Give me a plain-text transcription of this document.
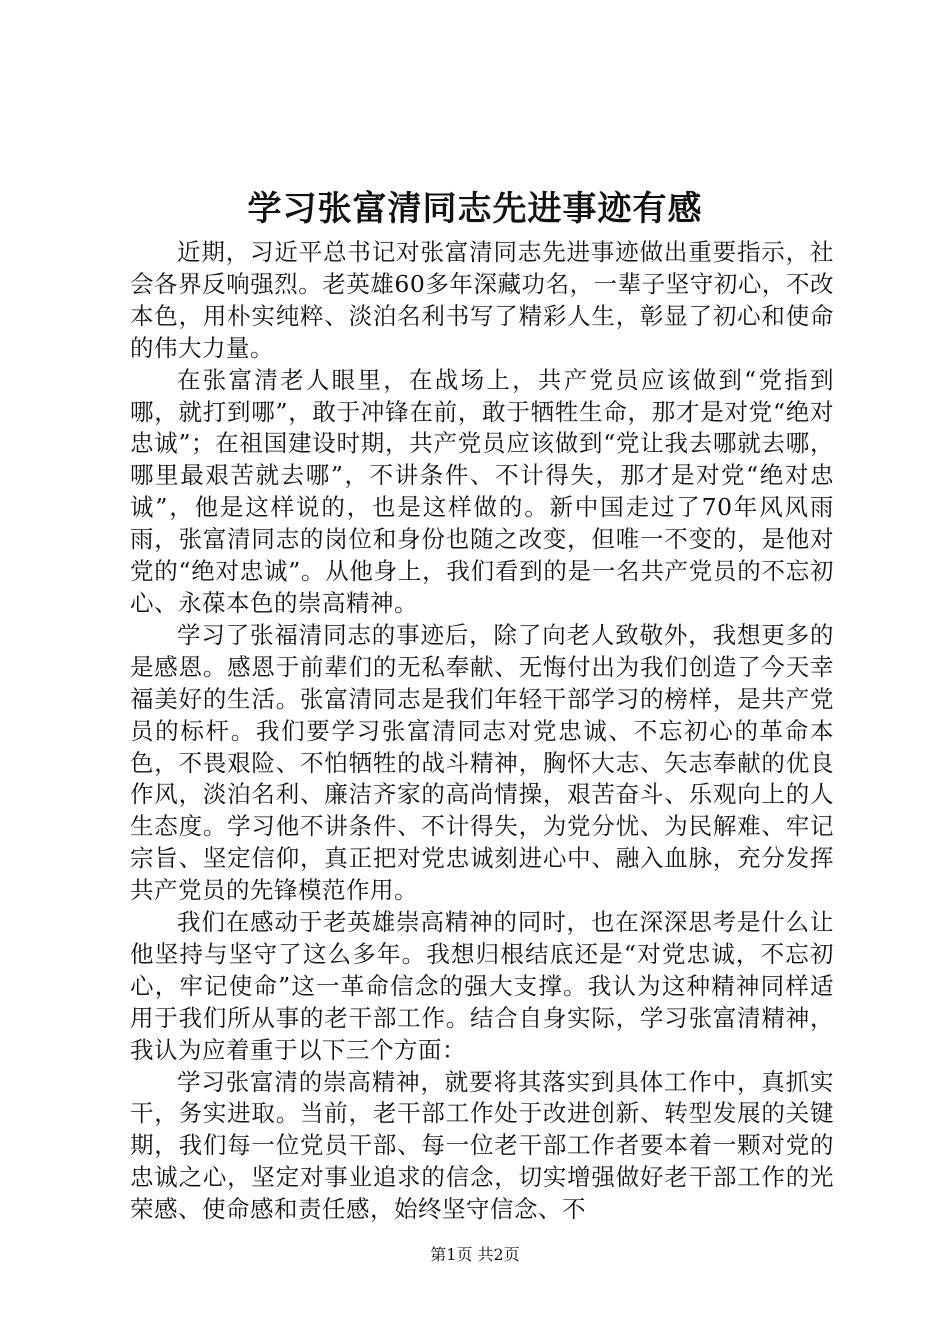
学习张富清同志先进事迹有感

近期，习近平总书记对张富清同志先进事迹做出重要指示，社会各界反响强烈。老英雄60多年深藏功名，一辈子坚守初心，不改本色，用朴实纯粹、淡泊名利书写了精彩人生，彰显了初心和使命的伟大力量。

在张富清老人眼里，在战场上，共产党员应该做到“党指到哪，就打到哪”，敢于冲锋在前，敢于牺牲生命，那才是对党“绝对忠诚”；在祖国建设时期，共产党员应该做到“党让我去哪就去哪，哪里最艰苦就去哪”，不讲条件、不计得失，那才是对党“绝对忠诚”，他是这样说的，也是这样做的。新中国走过了70年风风雨雨，张富清同志的岗位和身份也随之改变，但唯一不变的，是他对党的“绝对忠诚”。从他身上，我们看到的是一名共产党员的不忘初心、永葆本色的崇高精神。

学习了张福清同志的事迹后，除了向老人致敬外，我想更多的是感恩。感恩于前辈们的无私奉献、无悔付出为我们创造了今天幸福美好的生活。张富清同志是我们年轻干部学习的榜样，是共产党员的标杆。我们要学习张富清同志对党忠诚、不忘初心的革命本色，不畏艰险、不怕牺牲的战斗精神，胸怀大志、矢志奉献的优良作风，淡泊名利、廉洁齐家的高尚情操，艰苦奋斗、乐观向上的人生态度。学习他不讲条件、不计得失，为党分忧、为民解难、牢记宗旨、坚定信仰，真正把对党忠诚刻进心中、融入血脉，充分发挥共产党员的先锋模范作用。

我们在感动于老英雄崇高精神的同时，也在深深思考是什么让他坚持与坚守了这么多年。我想归根结底还是“对党忠诚，不忘初心，牢记使命”这一革命信念的强大支撑。我认为这种精神同样适用于我们所从事的老干部工作。结合自身实际，学习张富清精神，我认为应着重于以下三个方面：

学习张富清的崇高精神，就要将其落实到具体工作中，真抓实干，务实进取。当前，老干部工作处于改进创新、转型发展的关键期，我们每一位党员干部、每一位老干部工作者要本着一颗对党的忠诚之心，坚定对事业追求的信念，切实增强做好老干部工作的光荣感、使命感和责任感，始终坚守信念、不

第1页 共2页
